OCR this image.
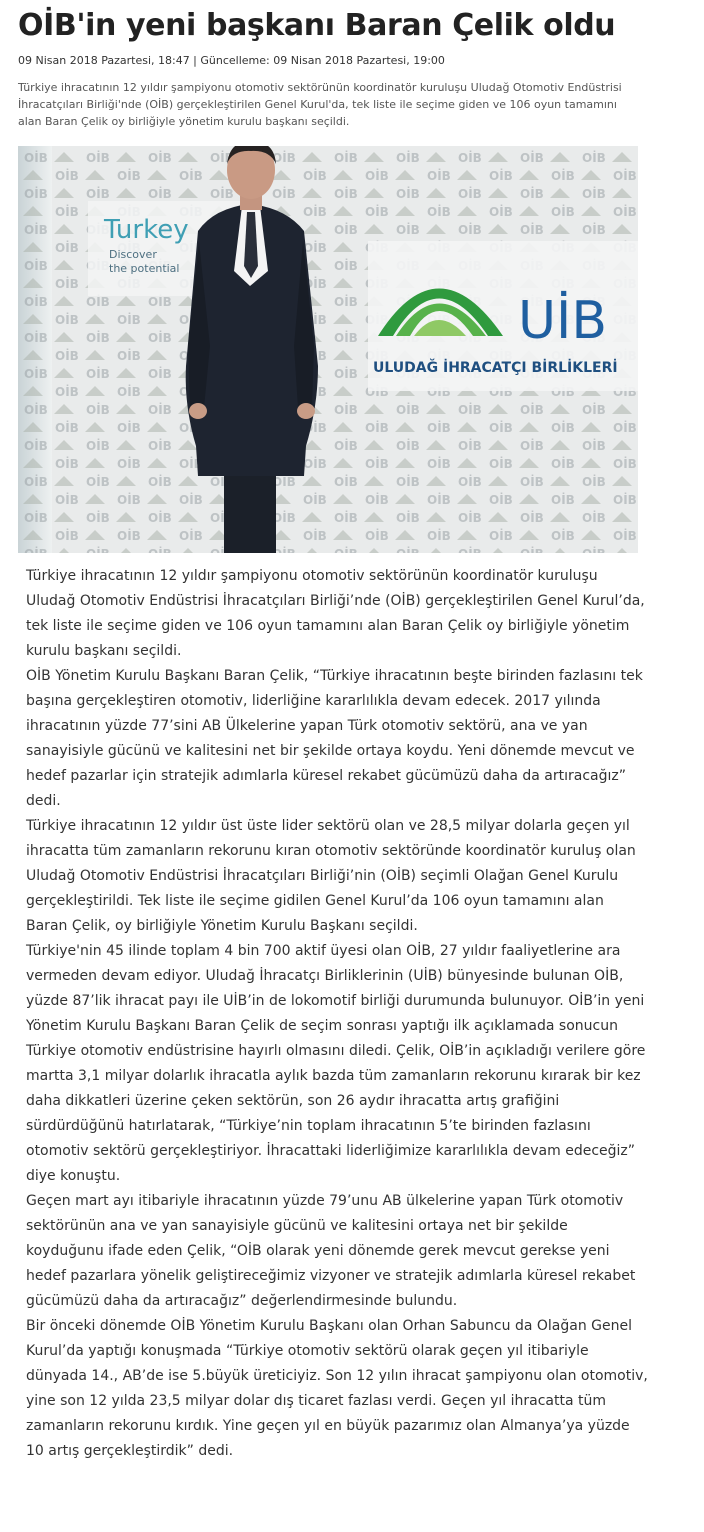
OİB'in yeni başkanı Baran Çelik oldu
09 Nisan 2018 Pazartesi, 18:47 | Güncelleme: 09 Nisan 2018 Pazartesi, 19:00
Türkiye ihracatının 12 yıldır şampiyonu otomotiv sektörünün koordinatör kuruluşu Uludağ Otomotiv Endüstrisi İhracatçıları Birliği'nde (OİB) gerçekleştirilen Genel Kurul'da, tek liste ile seçime giden ve 106 oyun tamamını alan Baran Çelik oy birliğiyle yönetim kurulu başkanı seçildi.
Turkey
Discover
the potential
UİB
ULUDAĞ İHRACATÇI BİRLİKLERİ

Türkiye ihracatının 12 yıldır şampiyonu otomotiv sektörünün koordinatör kuruluşu Uludağ Otomotiv Endüstrisi İhracatçıları Birliği’nde (OİB) gerçekleştirilen Genel Kurul’da, tek liste ile seçime giden ve 106 oyun tamamını alan Baran Çelik oy birliğiyle yönetim kurulu başkanı seçildi.

OİB Yönetim Kurulu Başkanı Baran Çelik, “Türkiye ihracatının beşte birinden fazlasını tek başına gerçekleştiren otomotiv, liderliğine kararlılıkla devam edecek. 2017 yılında ihracatının yüzde 77’sini AB Ülkelerine yapan Türk otomotiv sektörü, ana ve yan sanayisiyle gücünü ve kalitesini net bir şekilde ortaya koydu. Yeni dönemde mevcut ve hedef pazarlar için stratejik adımlarla küresel rekabet gücümüzü daha da artıracağız” dedi.

Türkiye ihracatının 12 yıldır üst üste lider sektörü olan ve 28,5 milyar dolarla geçen yıl ihracatta tüm zamanların rekorunu kıran otomotiv sektöründe koordinatör kuruluş olan Uludağ Otomotiv Endüstrisi İhracatçıları Birliği’nin (OİB) seçimli Olağan Genel Kurulu gerçekleştirildi. Tek liste ile seçime gidilen Genel Kurul’da 106 oyun tamamını alan Baran Çelik, oy birliğiyle Yönetim Kurulu Başkanı seçildi.

Türkiye'nin 45 ilinde toplam 4 bin 700 aktif üyesi olan OİB, 27 yıldır faaliyetlerine ara vermeden devam ediyor. Uludağ İhracatçı Birliklerinin (UİB) bünyesinde bulunan OİB, yüzde 87’lik ihracat payı ile UİB’in de lokomotif birliği durumunda bulunuyor. OİB’in yeni Yönetim Kurulu Başkanı Baran Çelik de seçim sonrası yaptığı ilk açıklamada sonucun Türkiye otomotiv endüstrisine hayırlı olmasını diledi. Çelik, OİB’in açıkladığı verilere göre martta 3,1 milyar dolarlık ihracatla aylık bazda tüm zamanların rekorunu kırarak bir kez daha dikkatleri üzerine çeken sektörün, son 26 aydır ihracatta artış grafiğini sürdürdüğünü hatırlatarak, “Türkiye’nin toplam ihracatının 5’te birinden fazlasını otomotiv sektörü gerçekleştiriyor. İhracattaki liderliğimize kararlılıkla devam edeceğiz” diye konuştu.

Geçen mart ayı itibariyle ihracatının yüzde 79’unu AB ülkelerine yapan Türk otomotiv sektörünün ana ve yan sanayisiyle gücünü ve kalitesini ortaya net bir şekilde koyduğunu ifade eden Çelik, “OİB olarak yeni dönemde gerek mevcut gerekse yeni hedef pazarlara yönelik geliştireceğimiz vizyoner ve stratejik adımlarla küresel rekabet gücümüzü daha da artıracağız” değerlendirmesinde bulundu.

Bir önceki dönemde OİB Yönetim Kurulu Başkanı olan Orhan Sabuncu da Olağan Genel Kurul’da yaptığı konuşmada “Türkiye otomotiv sektörü olarak geçen yıl itibariyle dünyada 14., AB’de ise 5.büyük üreticiyiz. Son 12 yılın ihracat şampiyonu olan otomotiv, yine son 12 yılda 23,5 milyar dolar dış ticaret fazlası verdi. Geçen yıl ihracatta tüm zamanların rekorunu kırdık. Yine geçen yıl en büyük pazarımız olan Almanya’ya yüzde 10 artış gerçekleştirdik” dedi.
